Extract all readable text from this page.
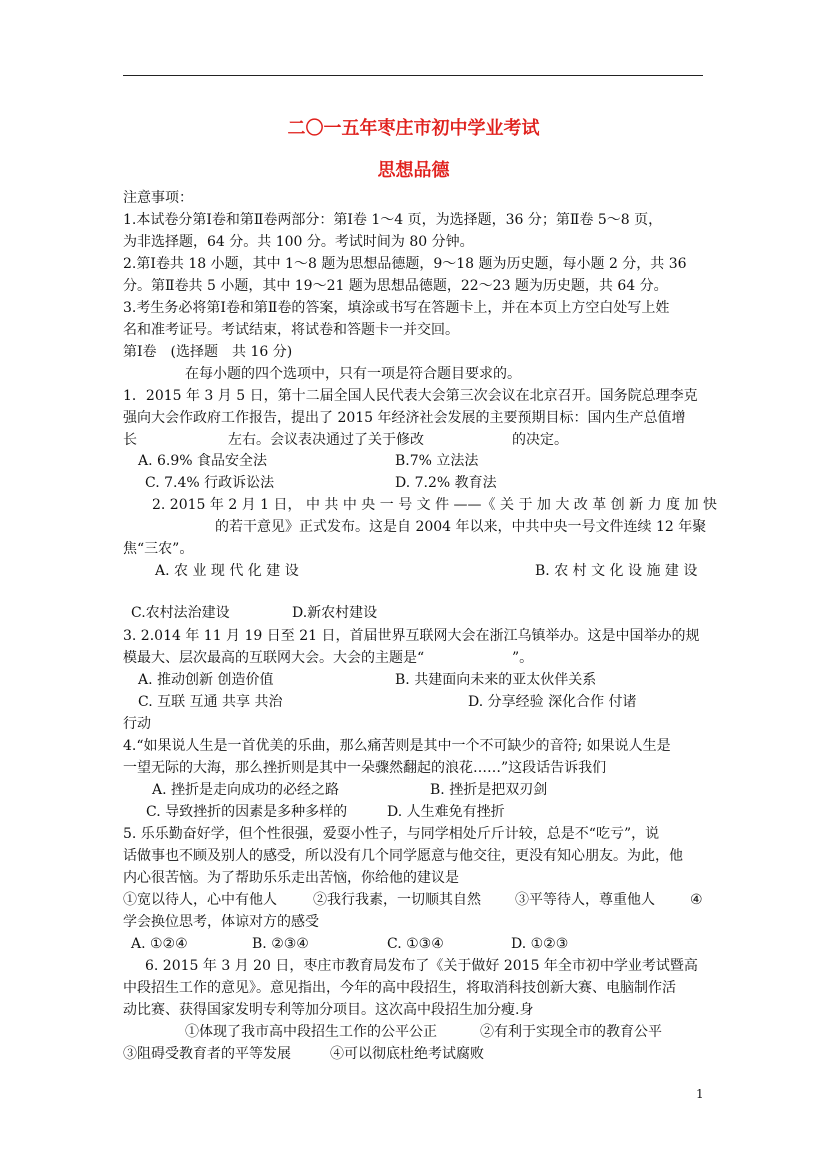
二〇一五年枣庄市初中学业考试
思想品德
注意事项：
1.本试卷分第Ⅰ卷和第Ⅱ卷两部分：第Ⅰ卷 1～4 页，为选择题，36 分；第Ⅱ卷 5～8 页，
为非选择题，64 分。共 100 分。考试时间为 80 分钟。
2.第Ⅰ卷共 18 小题，其中 1～8 题为思想品德题，9～18 题为历史题，每小题 2 分，共 36
分。第Ⅱ卷共 5 小题，其中 19～21 题为思想品德题，22～23 题为历史题，共 64 分。
3.考生务必将第Ⅰ卷和第Ⅱ卷的答案，填涂或书写在答题卡上，并在本页上方空白处写上姓
名和准考证号。考试结束，将试卷和答题卡一并交回。
第Ⅰ卷　(选择题　共 16 分)
在每小题的四个选项中，只有一项是符合题目要求的。
1．2015 年 3 月 5 日，第十二届全国人民代表大会第三次会议在北京召开。国务院总理李克
强向大会作政府工作报告，提出了 2015 年经济社会发展的主要预期目标：国内生产总值增
长	左右。会议表决通过了关于修改	的决定。
A. 6.9% 食品安全法	B.7% 立法法
C. 7.4% 行政诉讼法	D. 7.2% 教育法
2. 2015 年 2 月 1 日， 中 共 中 央 一 号 文 件 ——《 关 于 加 大 改 革 创 新 力 度 加 快
的若干意见》正式发布。这是自 2004 年以来，中共中央一号文件连续 12 年聚
焦“三农”。
A. 农 业 现 代 化 建 设	B. 农 村 文 化 设 施 建 设
C.农村法治建设	D.新农村建设
3. 2.014 年 11 月 19 日至 21 日，首届世界互联网大会在浙江乌镇举办。这是中国举办的规
模最大、层次最高的互联网大会。大会的主题是“	”。
A. 推动创新 创造价值	B. 共建面向未来的亚太伙伴关系
C. 互联 互通 共享 共治	D. 分享经验 深化合作 付诸
行动
4.“如果说人生是一首优美的乐曲，那么痛苦则是其中一个不可缺少的音符; 如果说人生是
一望无际的大海，那么挫折则是其中一朵骤然翻起的浪花……”这段话告诉我们
A. 挫折是走向成功的必经之路	B. 挫折是把双刃剑
C. 导致挫折的因素是多种多样的	D. 人生难免有挫折
5. 乐乐勤奋好学，但个性很强，爱耍小性子，与同学相处斤斤计较，总是不“吃亏”，说
话做事也不顾及别人的感受，所以没有几个同学愿意与他交往，更没有知心朋友。为此，他
内心很苦恼。为了帮助乐乐走出苦恼，你给他的建议是
①宽以待人，心中有他人	②我行我素，一切顺其自然 ③平等待人，尊重他人	④
学会换位思考，体谅对方的感受
A. ①②④	B. ②③④	C. ①③④	D. ①②③
6. 2015 年 3 月 20 日，枣庄市教育局发布了《关于做好 2015 年全市初中学业考试暨高
中段招生工作的意见》。意见指出，今年的高中段招生，将取消科技创新大赛、电脑制作活
动比赛、获得国家发明专利等加分项目。这次高中段招生加分瘦.身
①体现了我市高中段招生工作的公平公正	②有利于实现全市的教育公平
③阻碍受教育者的平等发展	④可以彻底杜绝考试腐败
1
